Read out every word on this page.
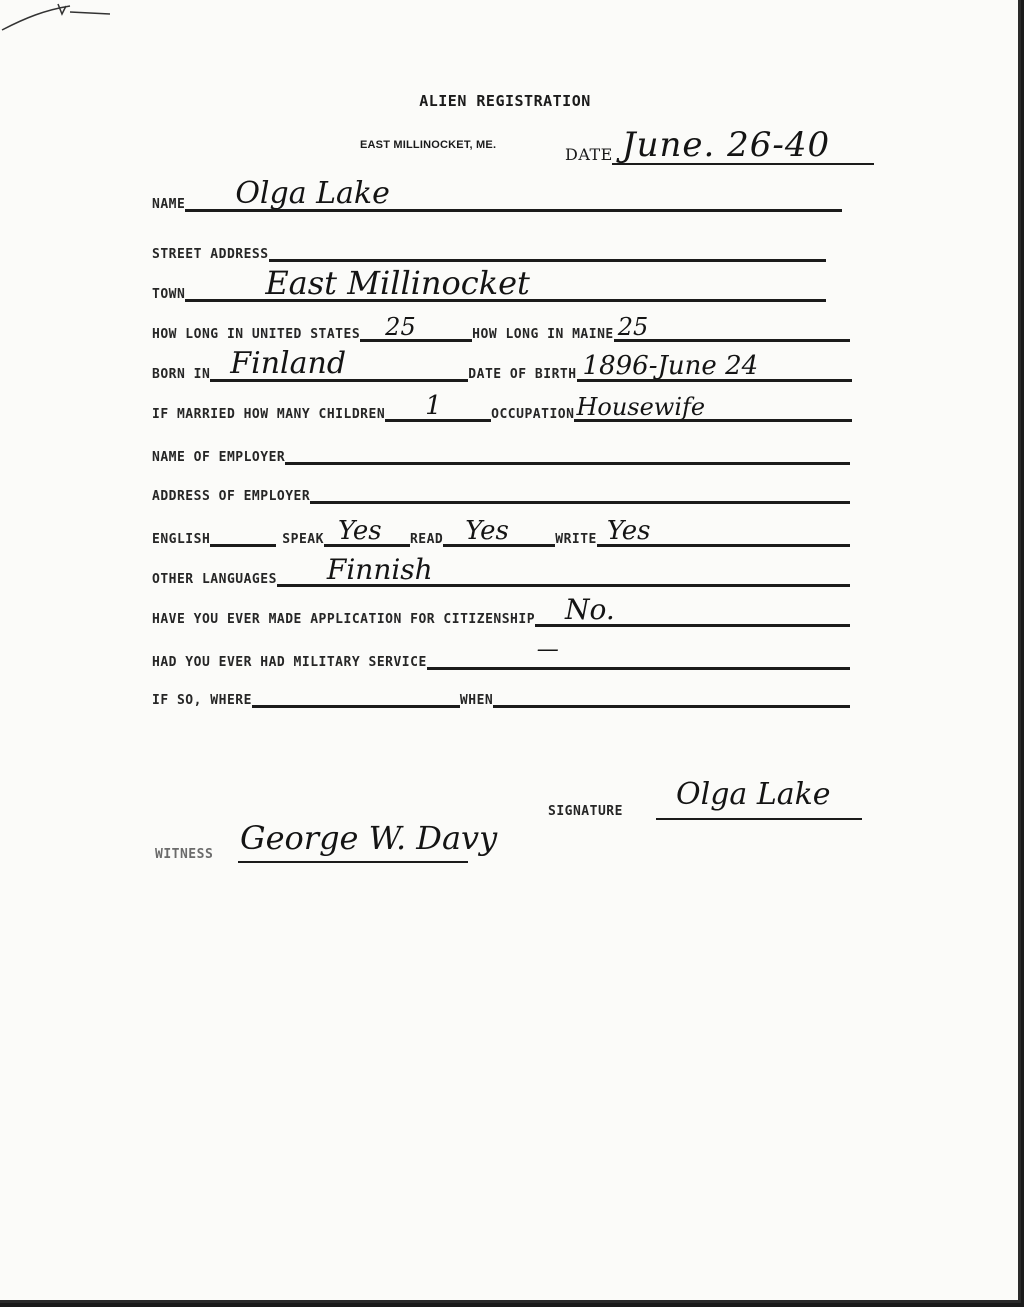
ALIEN REGISTRATION
EAST MILLINOCKET, ME.	DATE June. 26-40
NAME Olga Lake
STREET ADDRESS
TOWN	East Millinocket
HOW LONG IN UNITED STATES 25	HOW LONG IN MAINE 25
BORN IN Finland	DATE OF BIRTH 1896-June 24
IF MARRIED HOW MANY CHILDREN 1	OCCUPATION Housewife
NAME OF EMPLOYER
ADDRESS OF EMPLOYER
ENGLISH	SPEAK Yes READ Yes	WRITE Yes
OTHER LANGUAGES Finnish
HAVE YOU EVER MADE APPLICATION FOR CITIZENSHIP No.
HAD YOU EVER HAD MILITARY SERVICE
—
IF SO, WHERE	WHEN
SIGNATURE Olga Lake
WITNESS George W. Davy
